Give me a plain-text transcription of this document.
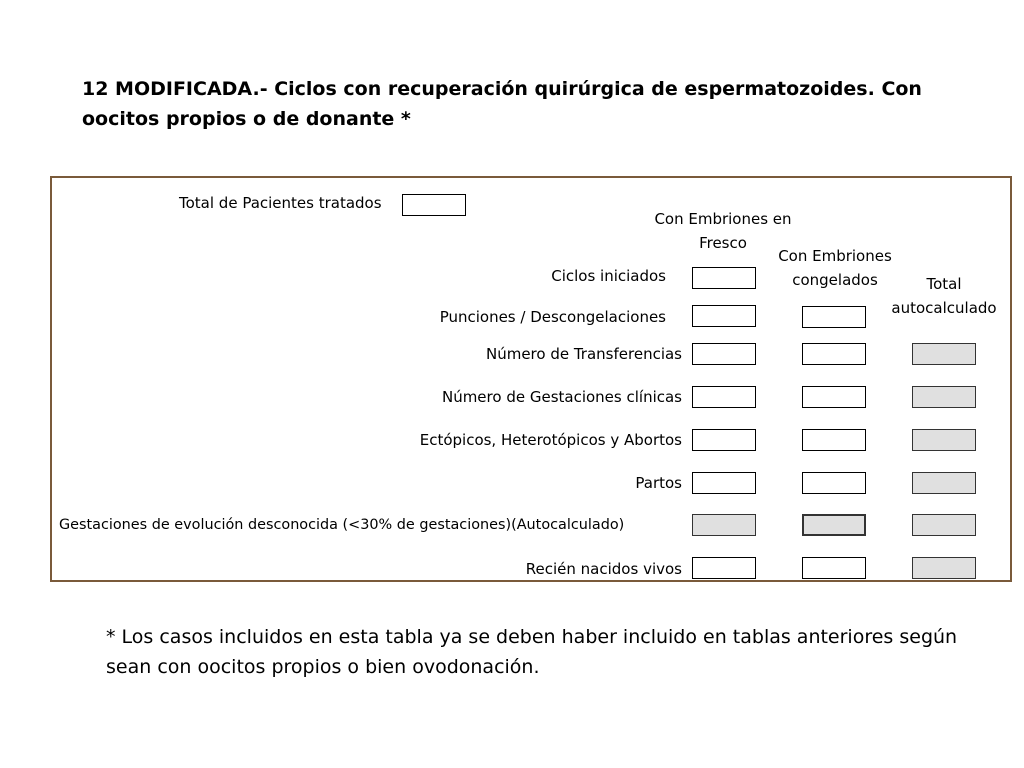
12 MODIFICADA.- Ciclos con recuperación quirúrgica de espermatozoides. Con oocitos propios o de donante *

Total de Pacientes tratados
Con Embriones en Fresco
Con Embriones congelados	Total autocalculado
Ciclos iniciados
Punciones / Descongelaciones
Número de Transferencias
Número de Gestaciones clínicas
Ectópicos, Heterotópicos y Abortos
Partos
Gestaciones de evolución desconocida (<30% de gestaciones)(Autocalculado)
Recién nacidos vivos
* Los casos incluidos en esta tabla ya se deben haber incluido en tablas anteriores según sean con oocitos propios o bien ovodonación.
